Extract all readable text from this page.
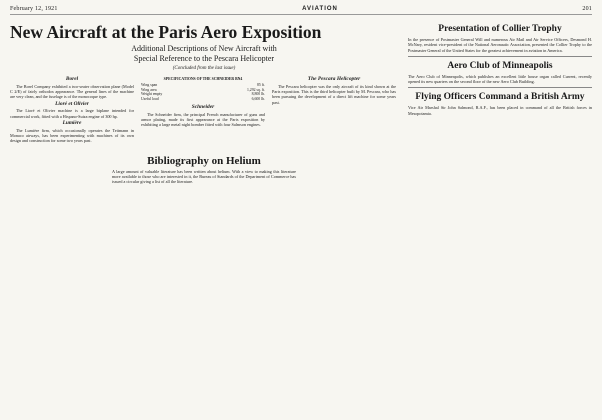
February 12, 1921	AVIATION	201
New Aircraft at the Paris Aero Exposition
Additional Descriptions of New Aircraft with
Special Reference to the Pescara Helicopter
(Concluded from the last issue)
Borel

The Borel Company exhibited a two-seater observation plane (Model C 2/E) of fairly orthodox appearance. The general lines of the machine are very clean, and the fuselage is of the monocoque type.

Lioré et Olivier

The Lioré et Olivier machine is a large biplane intended for commercial work, fitted with a Hispano-Suiza engine of 300 hp.

Lumière

The Lumière firm, which occasionally operates the Teitmann in Monaco airways, has been experimenting with machines of its own design and construction for some two years past.

SPECIFICATIONS OF THE SCHNEIDER BN4
Wing span	85 ft.
Wing area	1,292 sq. ft.
Weight empty	8,800 lb.
Useful load	6,600 lb.
Schneider

The Schneider firm, the principal French manufacturer of guns and armor plating, made its first appearance at the Paris exposition by exhibiting a large metal night bomber fitted with four Salmson engines.

The Pescara Helicopter

The Pescara helicopter was the only aircraft of its kind shown at the Paris exposition. This is the third helicopter built by M. Pescara, who has been pursuing the development of a direct lift machine for some years past.

Bibliography on Helium
A large amount of valuable literature has been written about helium. With a view to making this literature more available to those who are interested in it, the Bureau of Standards of the Department of Commerce has issued a circular giving a list of all the literature.
Presentation of Collier Trophy
In the presence of Postmaster General Will and numerous Air Mail and Air Service Officers, Desmond H. McNary, resident vice-president of the National Aeronautic Association, presented the Collier Trophy to the Postmaster General of the United States for the greatest achievement in aviation in America.
Aero Club of Minneapolis
The Aero Club of Minneapolis, which publishes an excellent little house organ called Current, recently opened its new quarters on the second floor of the new Aero Club Building.
Flying Officers Command a British Army
Vice Air Marshal Sir John Salmond, R.A.F., has been placed in command of all the British forces in Mesopotamia.
